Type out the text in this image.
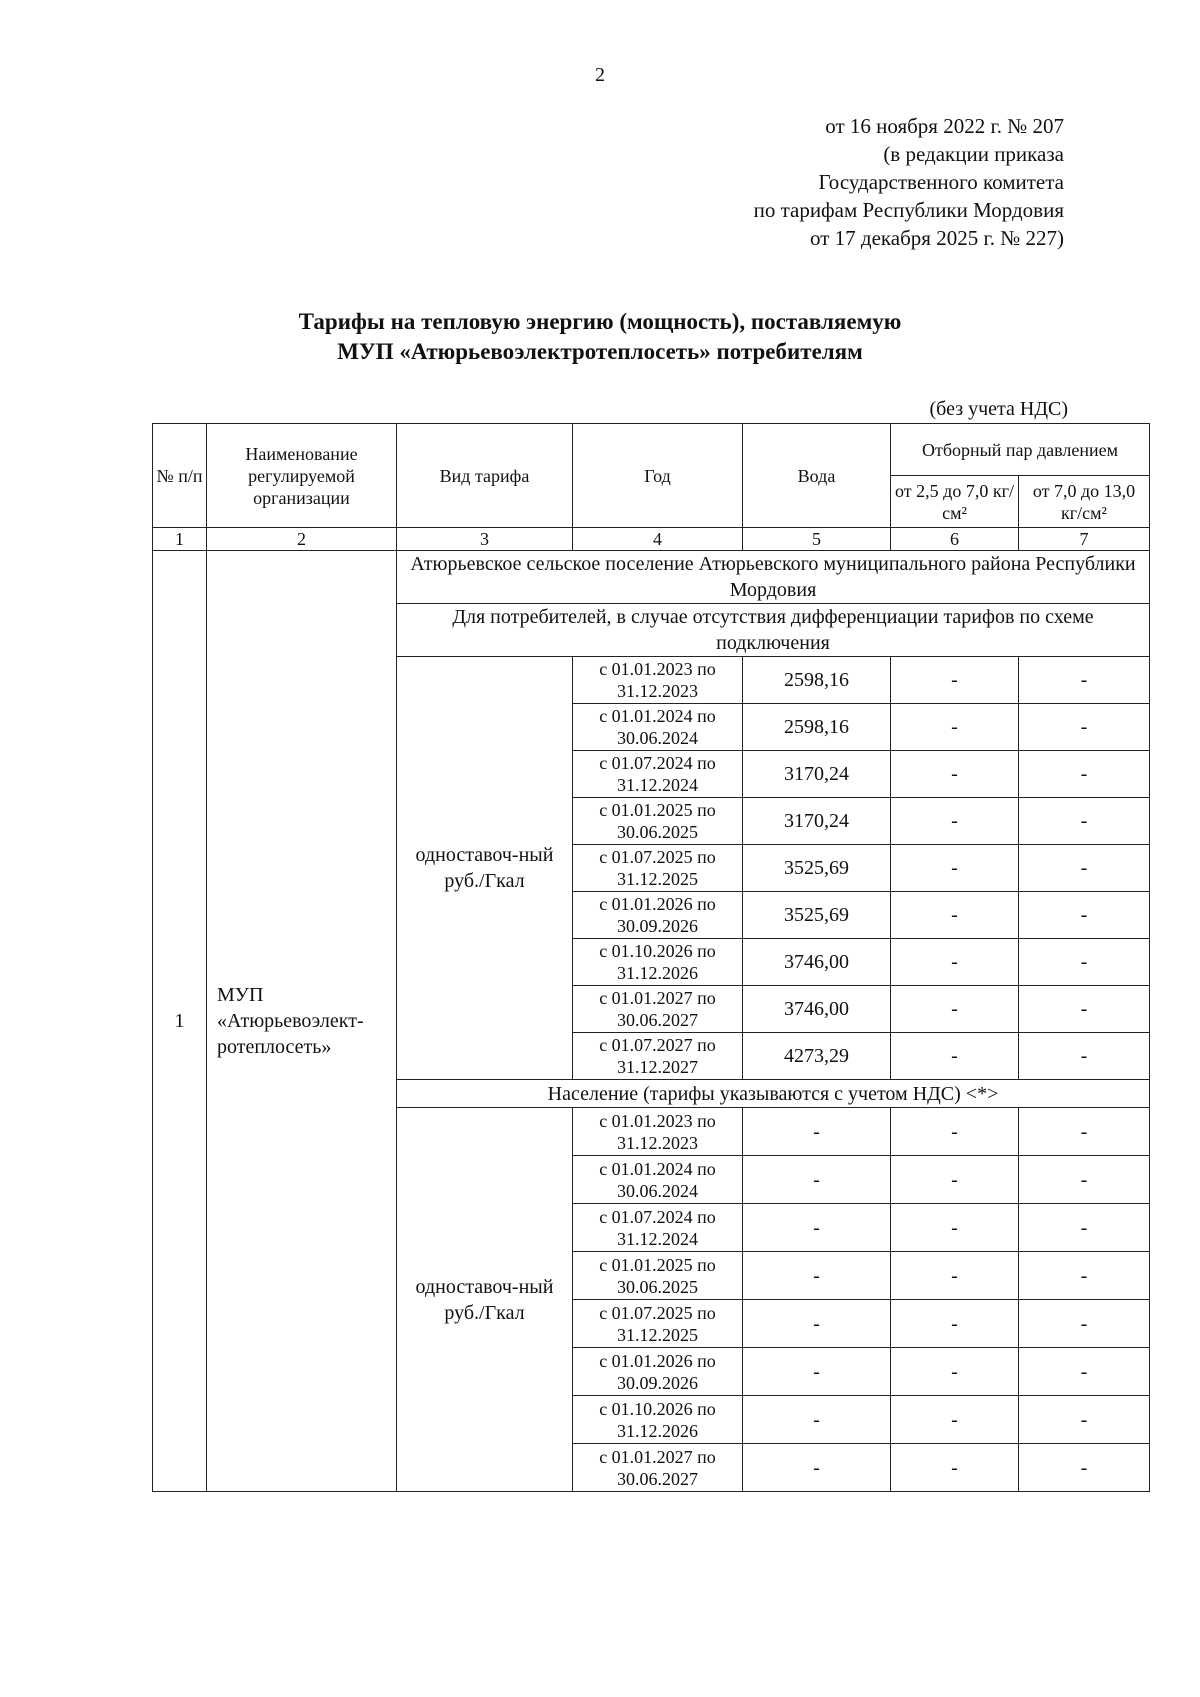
2
от 16 ноября 2022 г. № 207
(в редакции приказа
Государственного комитета
по тарифам Республики Мордовия
от 17 декабря 2025 г. № 227)
Тарифы на тепловую энергию (мощность), поставляемую
МУП «Атюрьевоэлектротеплосеть» потребителям
(без учета НДС)
№ п/п	Наименование регулируемой организации	Вид тарифа	Год	Вода	Отборный пар давлением	
					от 2,5 до 7,0 кг/см²	от 7,0 до 13,0 кг/см²
1	2	3	4	5	6	7
1	МУП «Атюрьевоэлект-ротеплосеть»	Атюрьевское сельское поселение Атюрьевского муниципального района Республики Мордовия				
		Для потребителей, в случае отсутствия дифференциации тарифов по схеме подключения				
		одноставоч-ный руб./Гкал	с 01.01.2023 по 31.12.2023	2598,16	-	-
			с 01.01.2024 по 30.06.2024	2598,16	-	-
			с 01.07.2024 по 31.12.2024	3170,24	-	-
			с 01.01.2025 по 30.06.2025	3170,24	-	-
			с 01.07.2025 по 31.12.2025	3525,69	-	-
			с 01.01.2026 по 30.09.2026	3525,69	-	-
			с 01.10.2026 по 31.12.2026	3746,00	-	-
			с 01.01.2027 по 30.06.2027	3746,00	-	-
			с 01.07.2027 по 31.12.2027	4273,29	-	-
		Население (тарифы указываются с учетом НДС) <*>				
		одноставоч-ный руб./Гкал	с 01.01.2023 по 31.12.2023	-	-	-
			с 01.01.2024 по 30.06.2024	-	-	-
			с 01.07.2024 по 31.12.2024	-	-	-
			с 01.01.2025 по 30.06.2025	-	-	-
			с 01.07.2025 по 31.12.2025	-	-	-
			с 01.01.2026 по 30.09.2026	-	-	-
			с 01.10.2026 по 31.12.2026	-	-	-
			с 01.01.2027 по 30.06.2027	-	-	-
